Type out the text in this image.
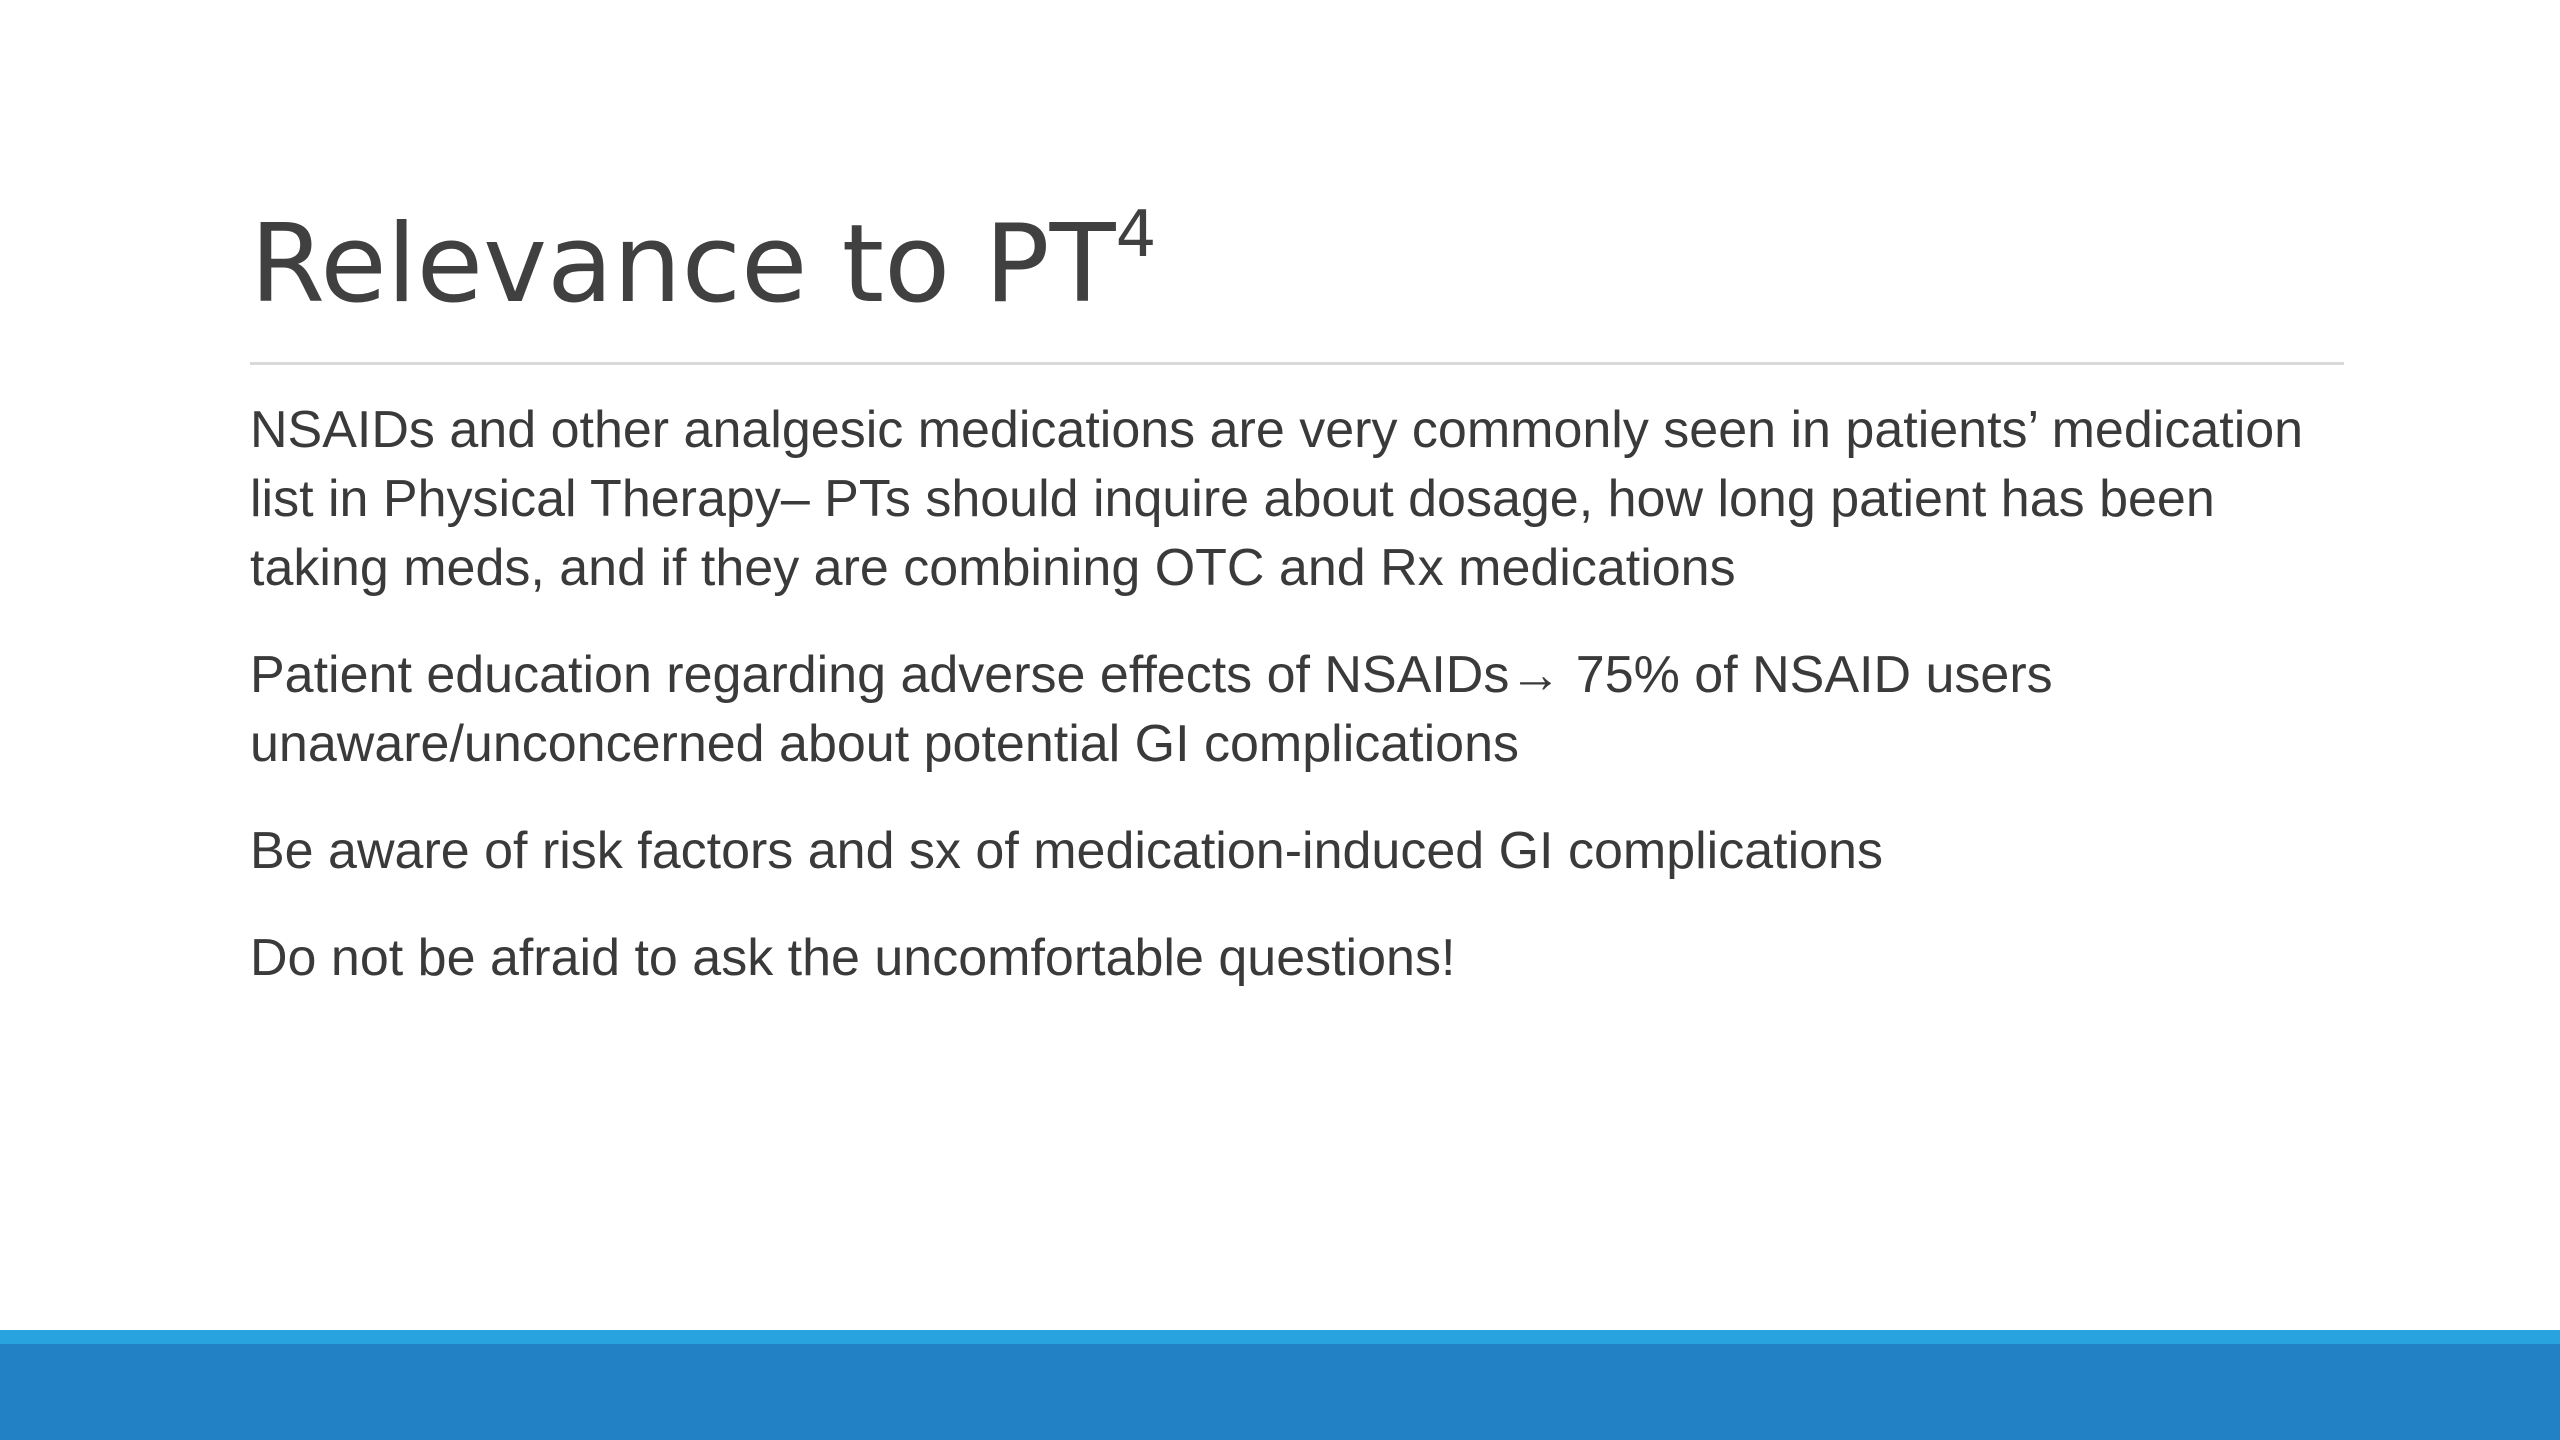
Relevance to $PT^4$

NSAIDs and other analgesic medications are very commonly seen in patients’ medication list in Physical Therapy– PTs should inquire about dosage, how long patient has been taking meds, and if they are combining OTC and Rx medications

Patient education regarding adverse effects of NSAIDs→ 75% of NSAID users unaware/unconcerned about potential GI complications

Be aware of risk factors and sx of medication-induced GI complications

Do not be afraid to ask the uncomfortable questions!
